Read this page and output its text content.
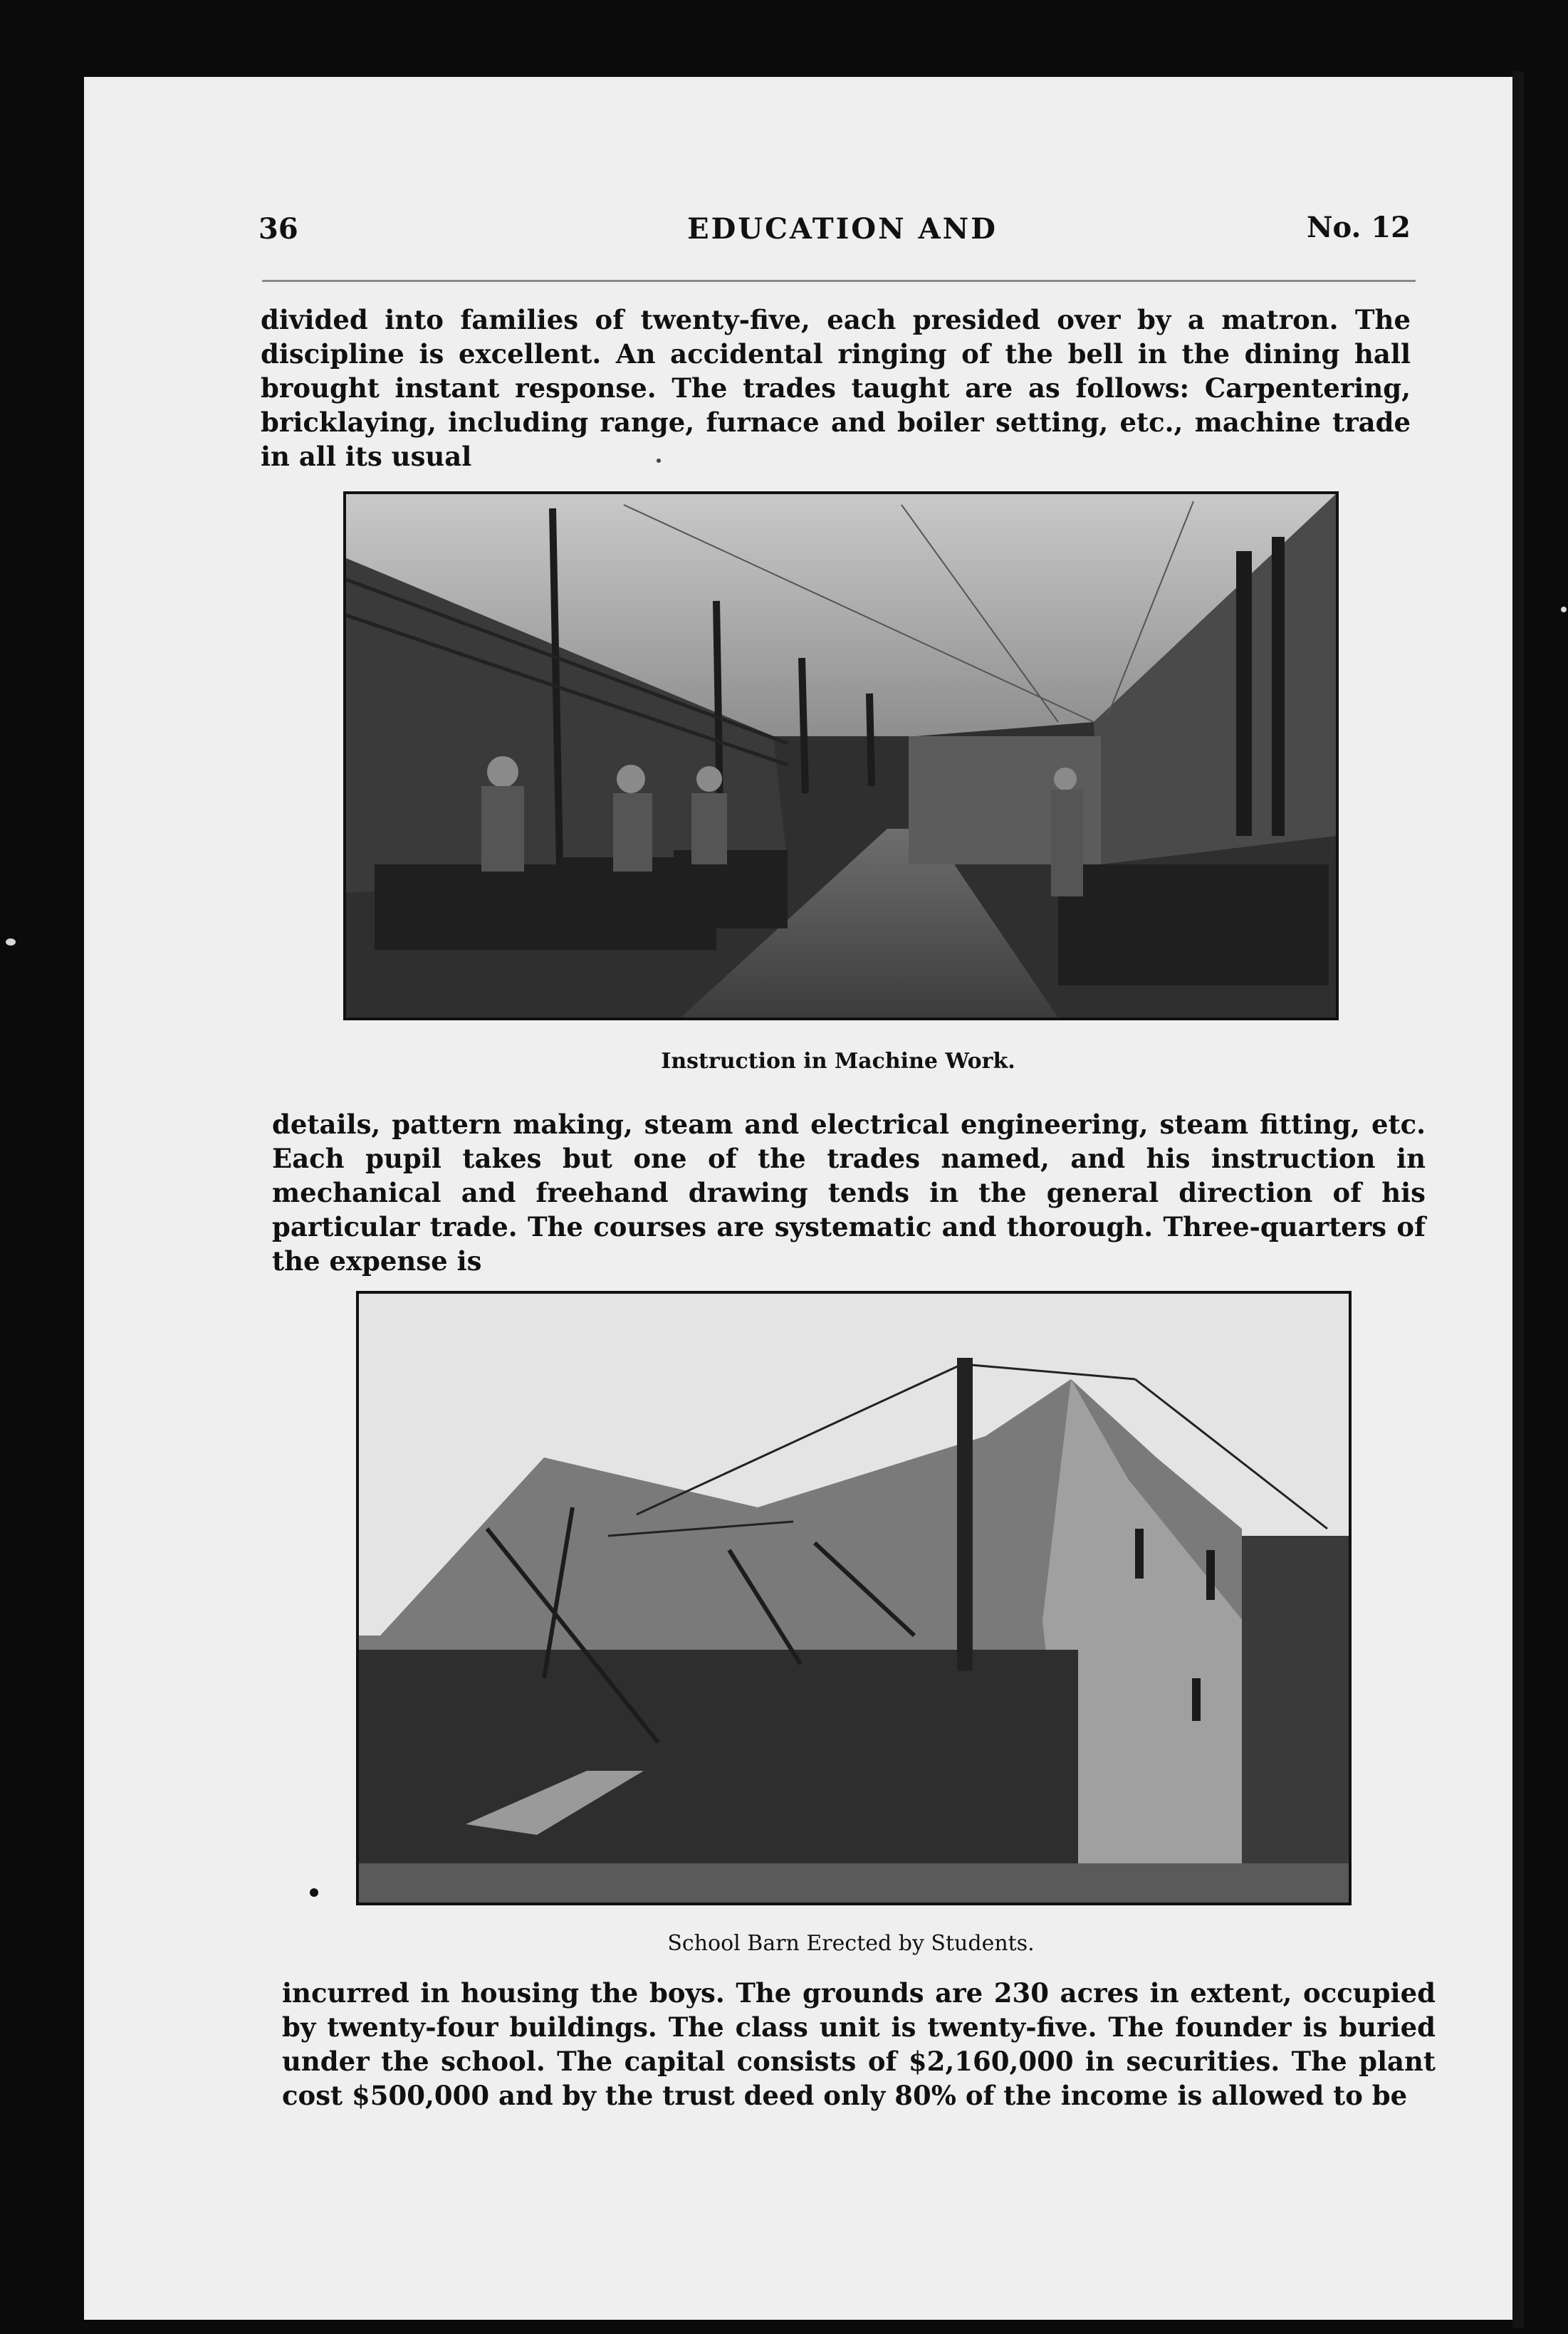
36	EDUCATION AND	No. 12
divided into families of twenty-five, each presided over by a matron. The discipline is excellent. An accidental ringing of the bell in the dining hall brought instant response. The trades taught are as follows: Carpentering, bricklaying, including range, furnace and boiler setting, etc., machine trade in all its usual
Instruction in Machine Work.
details, pattern making, steam and electrical engineering, steam fitting, etc. Each pupil takes but one of the trades named, and his instruction in mechanical and freehand drawing tends in the general direction of his particular trade. The courses are systematic and thorough. Three-quarters of the expense is
School Barn Erected by Students.
incurred in housing the boys. The grounds are 230 acres in extent, occupied by twenty-four buildings. The class unit is twenty-five. The founder is buried under the school. The capital consists of $2,160,000 in securities. The plant cost $500,000 and by the trust deed only 80% of the income is allowed to be
